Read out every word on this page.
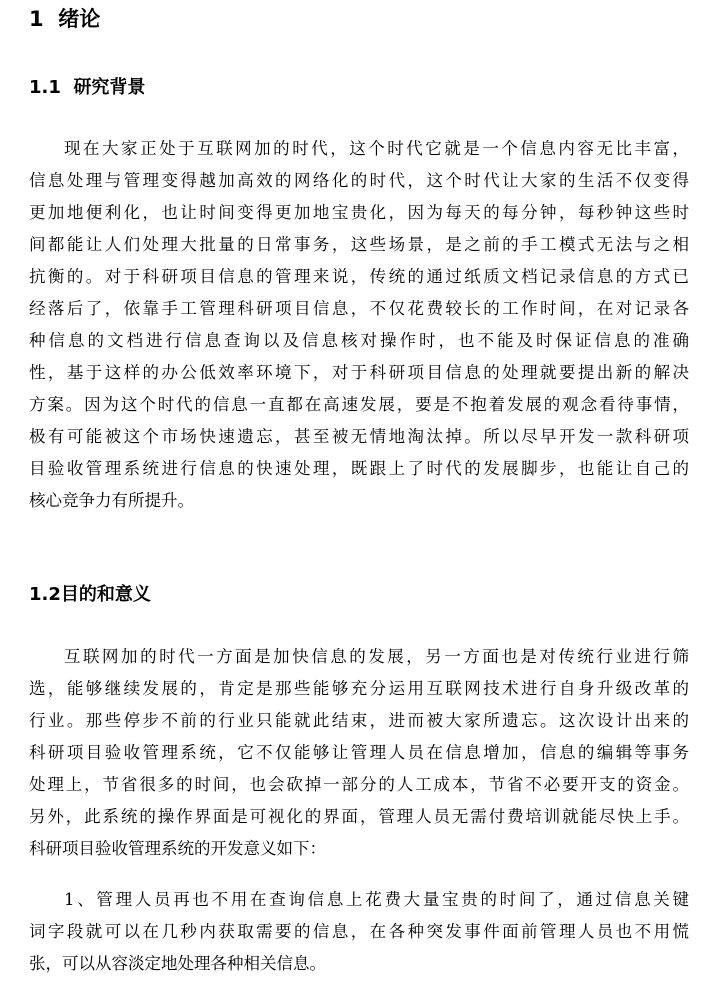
1 绪论
1.1 研究背景
现在大家正处于互联网加的时代，这个时代它就是一个信息内容无比丰富，
信息处理与管理变得越加高效的网络化的时代，这个时代让大家的生活不仅变得
更加地便利化，也让时间变得更加地宝贵化，因为每天的每分钟，每秒钟这些时
间都能让人们处理大批量的日常事务，这些场景，是之前的手工模式无法与之相
抗衡的。对于科研项目信息的管理来说，传统的通过纸质文档记录信息的方式已
经落后了，依靠手工管理科研项目信息，不仅花费较长的工作时间，在对记录各
种信息的文档进行信息查询以及信息核对操作时，也不能及时保证信息的准确
性，基于这样的办公低效率环境下，对于科研项目信息的处理就要提出新的解决
方案。因为这个时代的信息一直都在高速发展，要是不抱着发展的观念看待事情，
极有可能被这个市场快速遗忘，甚至被无情地淘汰掉。所以尽早开发一款科研项
目验收管理系统进行信息的快速处理，既跟上了时代的发展脚步，也能让自己的
核心竞争力有所提升。
1.2目的和意义
互联网加的时代一方面是加快信息的发展，另一方面也是对传统行业进行筛
选，能够继续发展的，肯定是那些能够充分运用互联网技术进行自身升级改革的
行业。那些停步不前的行业只能就此结束，进而被大家所遗忘。这次设计出来的
科研项目验收管理系统，它不仅能够让管理人员在信息增加，信息的编辑等事务
处理上，节省很多的时间，也会砍掉一部分的人工成本，节省不必要开支的资金。
另外，此系统的操作界面是可视化的界面，管理人员无需付费培训就能尽快上手。
科研项目验收管理系统的开发意义如下：
1、管理人员再也不用在查询信息上花费大量宝贵的时间了，通过信息关键
词字段就可以在几秒内获取需要的信息，在各种突发事件面前管理人员也不用慌
张，可以从容淡定地处理各种相关信息。
